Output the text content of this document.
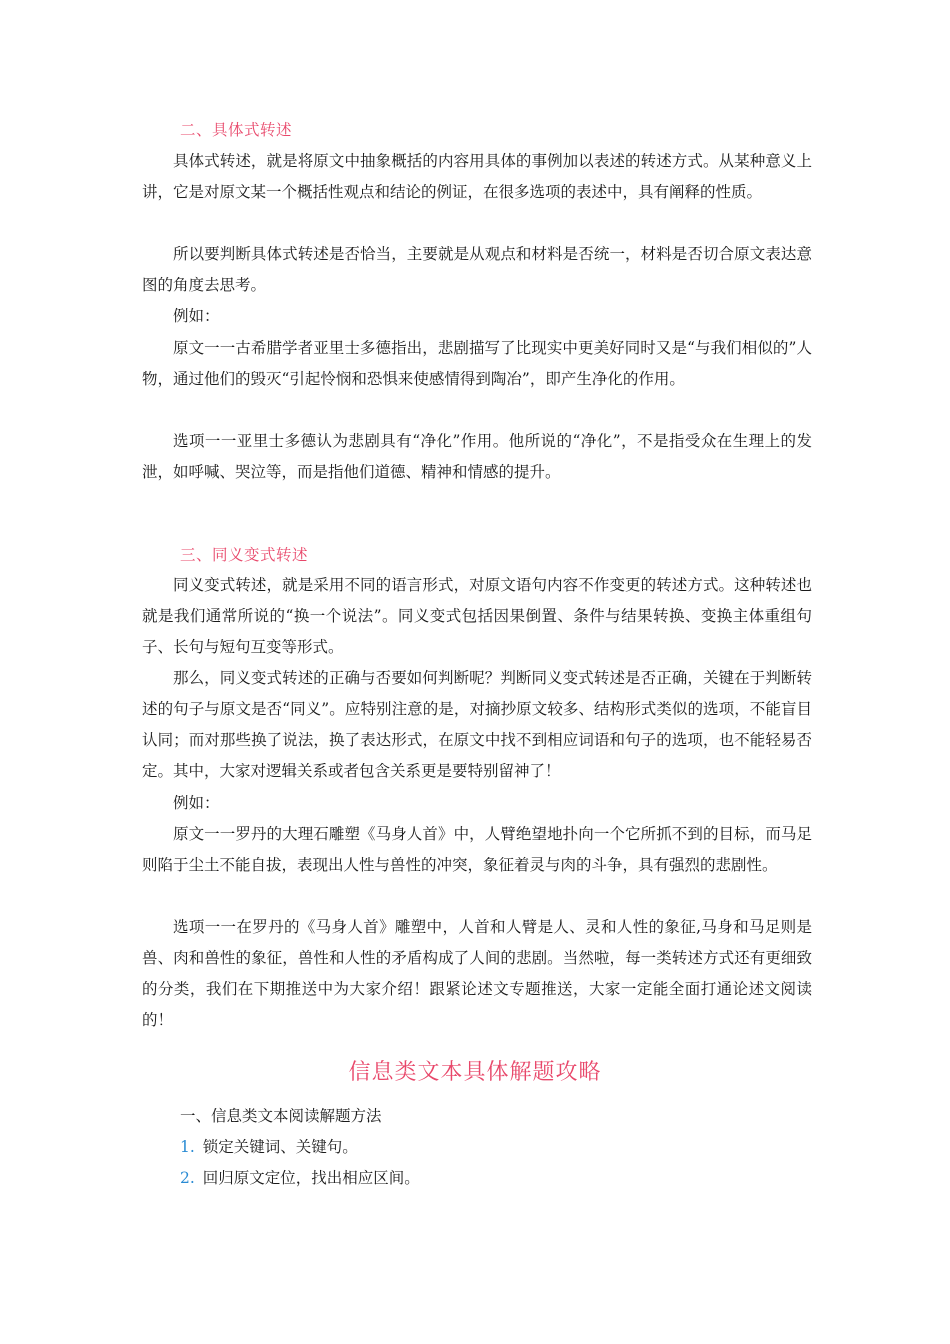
二、具体式转述

具体式转述，就是将原文中抽象概括的内容用具体的事例加以表述的转述方式。从某种意义上讲，它是对原文某一个概括性观点和结论的例证，在很多选项的表述中，具有阐释的性质。

所以要判断具体式转述是否恰当，主要就是从观点和材料是否统一，材料是否切合原文表达意图的角度去思考。

例如：

原文一一古希腊学者亚里士多德指出，悲剧描写了比现实中更美好同时又是“与我们相似的”人物，通过他们的毁灭“引起怜悯和恐惧来使感情得到陶冶”，即产生净化的作用。

选项一一亚里士多德认为悲剧具有“净化”作用。他所说的“净化”，不是指受众在生理上的发泄，如呼喊、哭泣等，而是指他们道德、精神和情感的提升。

三、同义变式转述

同义变式转述，就是采用不同的语言形式，对原文语句内容不作变更的转述方式。这种转述也就是我们通常所说的“换一个说法”。同义变式包括因果倒置、条件与结果转换、变换主体重组句子、长句与短句互变等形式。

那么，同义变式转述的正确与否要如何判断呢？判断同义变式转述是否正确，关键在于判断转述的句子与原文是否“同义”。应特别注意的是，对摘抄原文较多、结构形式类似的选项，不能盲目认同；而对那些换了说法，换了表达形式，在原文中找不到相应词语和句子的选项，也不能轻易否定。其中，大家对逻辑关系或者包含关系更是要特别留神了！

例如：

原文一一罗丹的大理石雕塑《马身人首》中，人臂绝望地扑向一个它所抓不到的目标，而马足则陷于尘土不能自拔，表现出人性与兽性的冲突，象征着灵与肉的斗争，具有强烈的悲剧性。

选项一一在罗丹的《马身人首》雕塑中，人首和人臂是人、灵和人性的象征,马身和马足则是兽、肉和兽性的象征，兽性和人性的矛盾构成了人间的悲剧。当然啦，每一类转述方式还有更细致的分类，我们在下期推送中为大家介绍！跟紧论述文专题推送，大家一定能全面打通论述文阅读的！

信息类文本具体解题攻略
一、信息类文本阅读解题方法
1. 锁定关键词、关键句。
2. 回归原文定位，找出相应区间。
